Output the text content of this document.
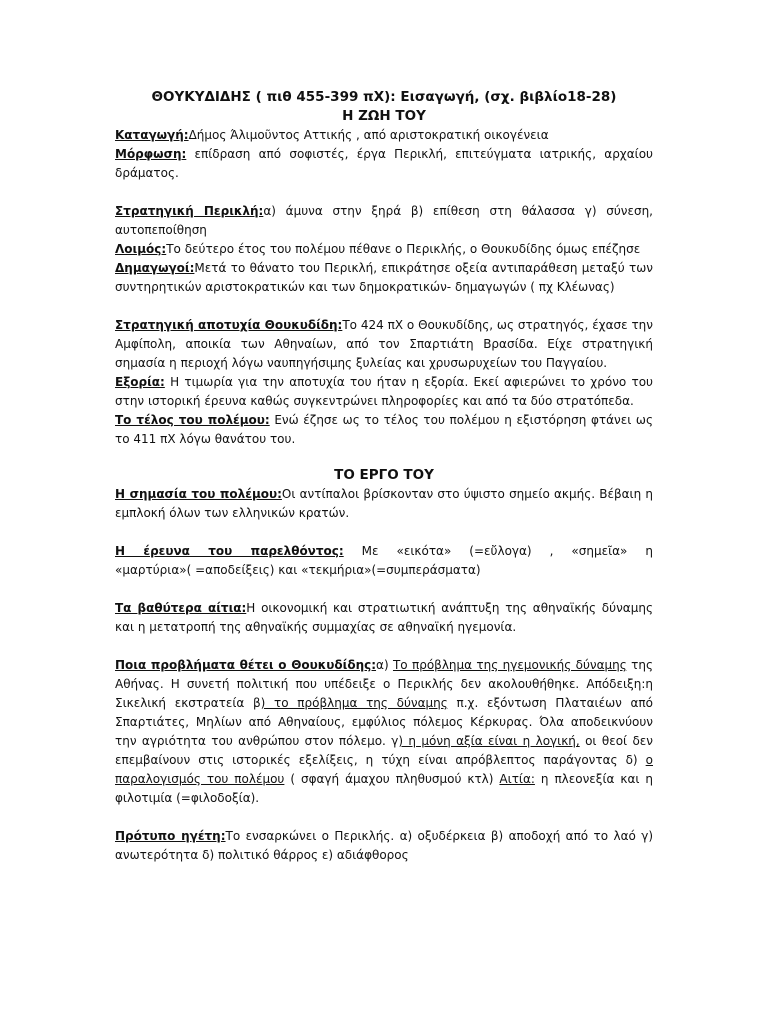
ΘΟΥΚΥΔΙΔΗΣ ( πιθ 455-399 πΧ): Εισαγωγή, (σχ. βιβλίο18-28)
Η ΖΩΗ ΤΟΥ

Καταγωγή:Δήμος Άλιμοῦντος Αττικής , από αριστοκρατική οικογένεια

Μόρφωση: επίδραση από σοφιστές, έργα Περικλή, επιτεύγματα ιατρικής, αρχαίου δράματος.

Στρατηγική Περικλή:α) άμυνα στην ξηρά β) επίθεση στη θάλασσα γ) σύνεση, αυτοπεποίθηση

Λοιμός:Το δεύτερο έτος του πολέμου πέθανε ο Περικλής, ο Θουκυδίδης όμως επέζησε

Δημαγωγοί:Μετά το θάνατο του Περικλή, επικράτησε οξεία αντιπαράθεση μεταξύ των συντηρητικών αριστοκρατικών και των δημοκρατικών- δημαγωγών ( πχ Κλέωνας)

Στρατηγική αποτυχία Θουκυδίδη:Το 424 πΧ ο Θουκυδίδης, ως στρατηγός, έχασε την Αμφίπολη, αποικία των Αθηναίων, από τον Σπαρτιάτη Βρασίδα. Είχε στρατηγική σημασία η περιοχή λόγω ναυπηγήσιμης ξυλείας και χρυσωρυχείων του Παγγαίου.

Εξορία: Η τιμωρία για την αποτυχία του ήταν η εξορία. Εκεί αφιερώνει το χρόνο του στην ιστορική έρευνα καθώς συγκεντρώνει πληροφορίες και από τα δύο στρατόπεδα.

Το τέλος του πολέμου: Ενώ έζησε ως το τέλος του πολέμου η εξιστόρηση φτάνει ως το 411 πΧ λόγω θανάτου του.

ΤΟ ΕΡΓΟ ΤΟΥ

Η σημασία του πολέμου:Οι αντίπαλοι βρίσκονταν στο ύψιστο σημείο ακμής. Βέβαιη η εμπλοκή όλων των ελληνικών κρατών.

Η έρευνα του παρελθόντος: Με «εικότα» (=εὔλογα) , «σημεῖα» η

«μαρτύρια»( =αποδείξεις) και «τεκμήρια»(=συμπεράσματα)

Τα βαθύτερα αίτια:Η οικονομική και στρατιωτική ανάπτυξη της αθηναϊκής δύναμης και η μετατροπή της αθηναϊκής συμμαχίας σε αθηναϊκή ηγεμονία.

Ποια προβλήματα θέτει ο Θουκυδίδης:α) Το πρόβλημα της ηγεμονικής δύναμης της Αθήνας. Η συνετή πολιτική που υπέδειξε ο Περικλής δεν ακολουθήθηκε. Απόδειξη:η Σικελική εκστρατεία β) το πρόβλημα της δύναμης π.χ. εξόντωση Πλαταιέων από Σπαρτιάτες, Μηλίων από Αθηναίους, εμφύλιος πόλεμος Κέρκυρας. Όλα αποδεικνύουν την αγριότητα του ανθρώπου στον πόλεμο. γ) η μόνη αξία είναι η λογική, οι θεοί δεν επεμβαίνουν στις ιστορικές εξελίξεις, η τύχη είναι απρόβλεπτος παράγοντας δ) ο παραλογισμός του πολέμου ( σφαγή άμαχου πληθυσμού κτλ) Αιτία: η πλεονεξία και η φιλοτιμία (=φιλοδοξία).

Πρότυπο ηγέτη:Το ενσαρκώνει ο Περικλής. α) οξυδέρκεια β) αποδοχή από το λαό γ) ανωτερότητα δ) πολιτικό θάρρος ε) αδιάφθορος
